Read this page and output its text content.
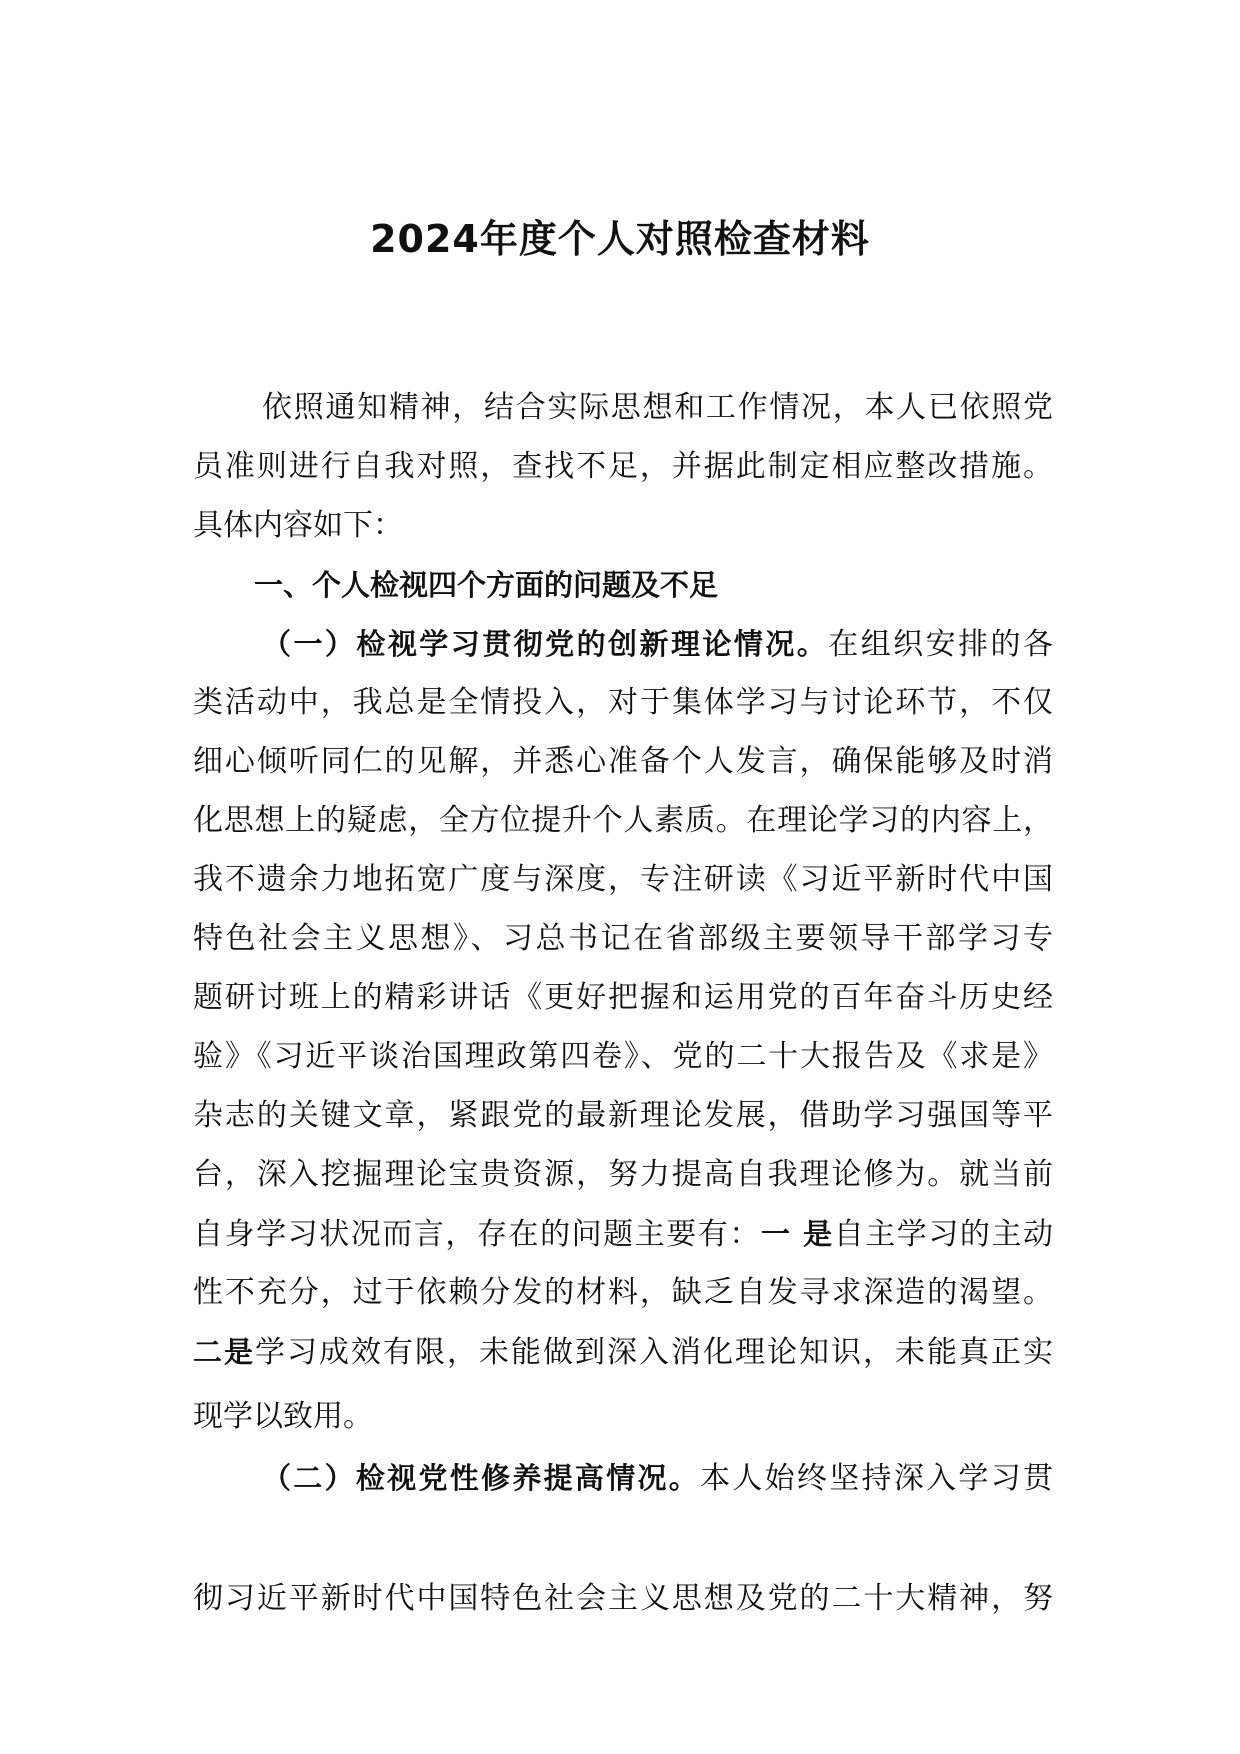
2024年度个人对照检查材料
依照通知精神，结合实际思想和工作情况，本人已依照党
员准则进行自我对照，查找不足，并据此制定相应整改措施。
具体内容如下：
一、个人检视四个方面的问题及不足
（一）检视学习贯彻党的创新理论情况。在组织安排的各
类活动中，我总是全情投入，对于集体学习与讨论环节，不仅
细心倾听同仁的见解，并悉心准备个人发言，确保能够及时消
化思想上的疑虑，全方位提升个人素质。在理论学习的内容上，
我不遗余力地拓宽广度与深度，专注研读《习近平新时代中国
特色社会主义思想》、习总书记在省部级主要领导干部学习专
题研讨班上的精彩讲话《更好把握和运用党的百年奋斗历史经
验》《习近平谈治国理政第四卷》、党的二十大报告及《求是》
杂志的关键文章，紧跟党的最新理论发展，借助学习强国等平
台，深入挖掘理论宝贵资源，努力提高自我理论修为。就当前
自身学习状况而言，存在的问题主要有：一 是自主学习的主动
性不充分，过于依赖分发的材料，缺乏自发寻求深造的渴望。
二是学习成效有限，未能做到深入消化理论知识，未能真正实
现学以致用。
（二）检视党性修养提高情况。本人始终坚持深入学习贯
彻习近平新时代中国特色社会主义思想及党的二十大精神，努
